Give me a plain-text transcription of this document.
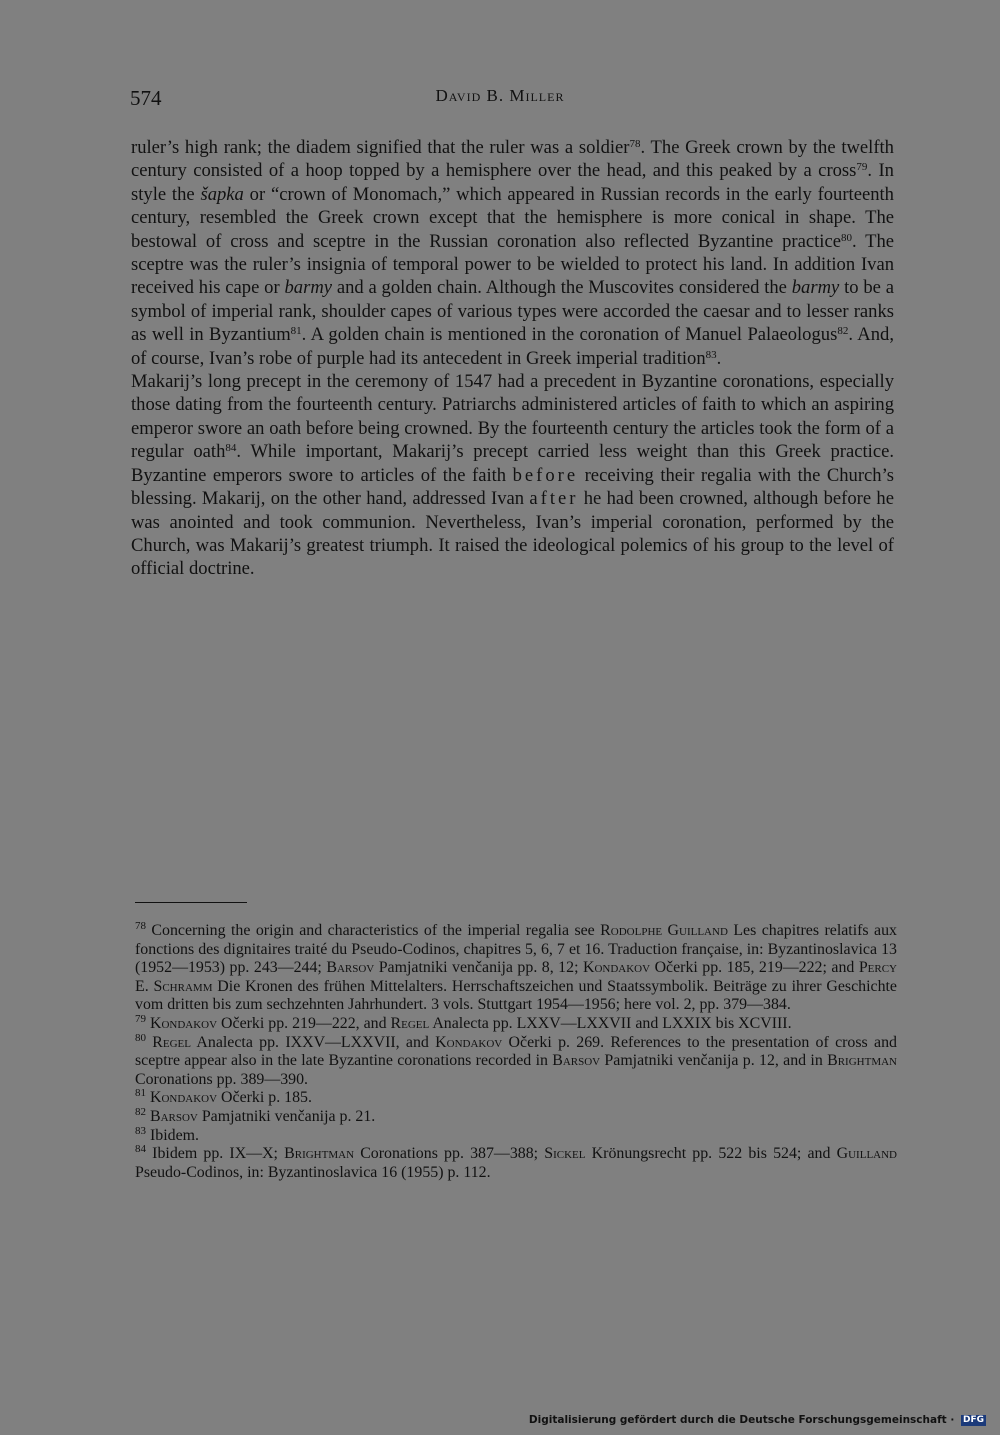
574	David B. Miller

ruler’s high rank; the diadem signified that the ruler was a soldier$^{78}$. The Greek crown by the twelfth century consisted of a hoop topped by a hemisphere over the head, and this peaked by a cross$^{79}$. In style the šapka or “crown of Monomach,” which appeared in Russian records in the early fourteenth century, resembled the Greek crown except that the hemisphere is more conical in shape. The bestowal of cross and sceptre in the Russian coronation also reflected Byzantine practice$^{80}$. The sceptre was the ruler’s insignia of temporal power to be wielded to protect his land. In addition Ivan received his cape or barmy and a golden chain. Although the Muscovites considered the barmy to be a symbol of imperial rank, shoulder capes of various types were accorded the caesar and to lesser ranks as well in Byzantium$^{81}$. A golden chain is mentioned in the coronation of Manuel Palaeologus$^{82}$. And, of course, Ivan’s robe of purple had its antecedent in Greek imperial tradition$^{83}$.

Makarij’s long precept in the ceremony of 1547 had a precedent in Byzantine coronations, especially those dating from the fourteenth century. Patriarchs administered articles of faith to which an aspiring emperor swore an oath before being crowned. By the fourteenth century the articles took the form of a regular oath$^{84}$. While important, Makarij’s precept carried less weight than this Greek practice. Byzantine emperors swore to articles of the faith before receiving their regalia with the Church’s blessing. Makarij, on the other hand, addressed Ivan after he had been crowned, although before he was anointed and took communion. Nevertheless, Ivan’s imperial coronation, performed by the Church, was Makarij’s greatest triumph. It raised the ideological polemics of his group to the level of official doctrine.

$^{78}$ Concerning the origin and characteristics of the imperial regalia see Rodolphe Guilland Les chapitres relatifs aux fonctions des dignitaires traité du Pseudo-Codinos, chapitres 5, 6, 7 et 16. Traduction française, in: Byzantinoslavica 13 (1952—1953) pp. 243—244; Barsov Pamjatniki venčanija pp. 8, 12; Kondakov Očerki pp. 185, 219—222; and Percy E. Schramm Die Kronen des frühen Mittelalters. Herrschaftszeichen und Staatssymbolik. Beiträge zu ihrer Geschichte vom dritten bis zum sechzehnten Jahrhundert. 3 vols. Stuttgart 1954—1956; here vol. 2, pp. 379—384.

$^{79}$ Kondakov Očerki pp. 219—222, and Regel Analecta pp. LXXV—LXXVII and LXXIX bis XCVIII.

$^{80}$ Regel Analecta pp. IXXV—LXXVII, and Kondakov Očerki p. 269. References to the presentation of cross and sceptre appear also in the late Byzantine coronations recorded in Barsov Pamjatniki venčanija p. 12, and in Brightman Coronations pp. 389—390.

$^{81}$ Kondakov Očerki p. 185.

$^{82}$ Barsov Pamjatniki venčanija p. 21.

$^{83}$ Ibidem.

$^{84}$ Ibidem pp. IX—X; Brightman Coronations pp. 387—388; Sickel Krönungsrecht pp. 522 bis 524; and Guilland Pseudo-Codinos, in: Byzantinoslavica 16 (1955) p. 112.

Digitalisierung gefördert durch die Deutsche Forschungsgemeinschaft · DFG
